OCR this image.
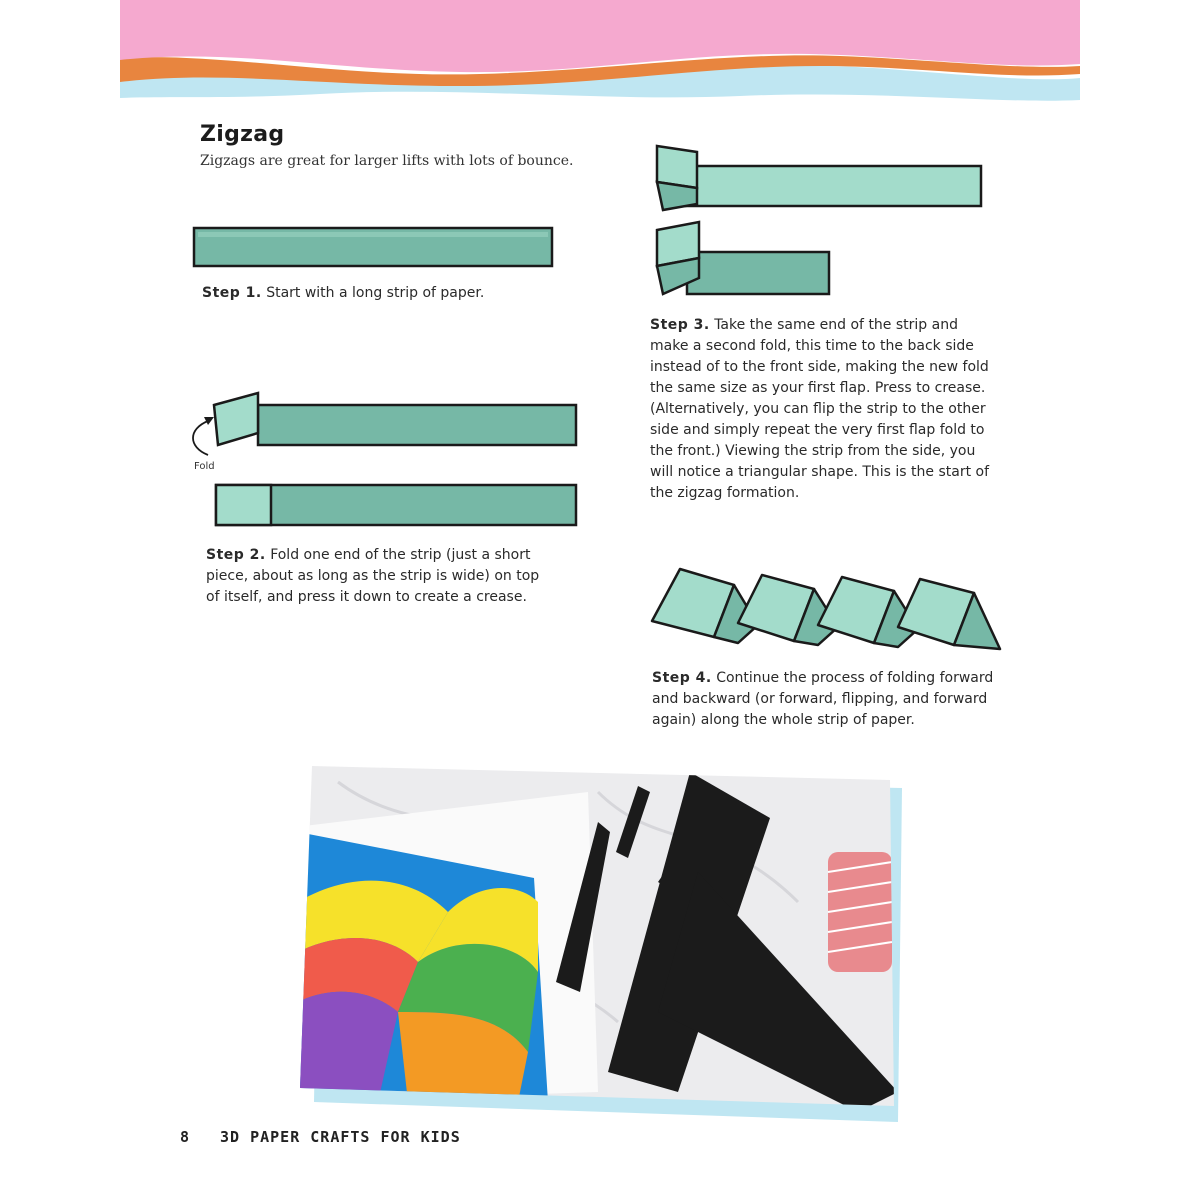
Zigzag
Zigzags are great for larger lifts with lots of bounce.
Step 1. Start with a long strip of paper.
Fold
Step 2. Fold one end of the strip (just a short piece, about as long as the strip is wide) on top of itself, and press it down to create a crease.
Step 3. Take the same end of the strip and make a second fold, this time to the back side instead of to the front side, making the new fold the same size as your first flap. Press to crease. (Alternatively, you can flip the strip to the other side and simply repeat the very first flap fold to the front.) Viewing the strip from the side, you will notice a triangular shape. This is the start of the zigzag formation.
Step 4. Continue the process of folding forward and backward (or forward, flipping, and forward again) along the whole strip of paper.
8 3D PAPER CRAFTS FOR KIDS
